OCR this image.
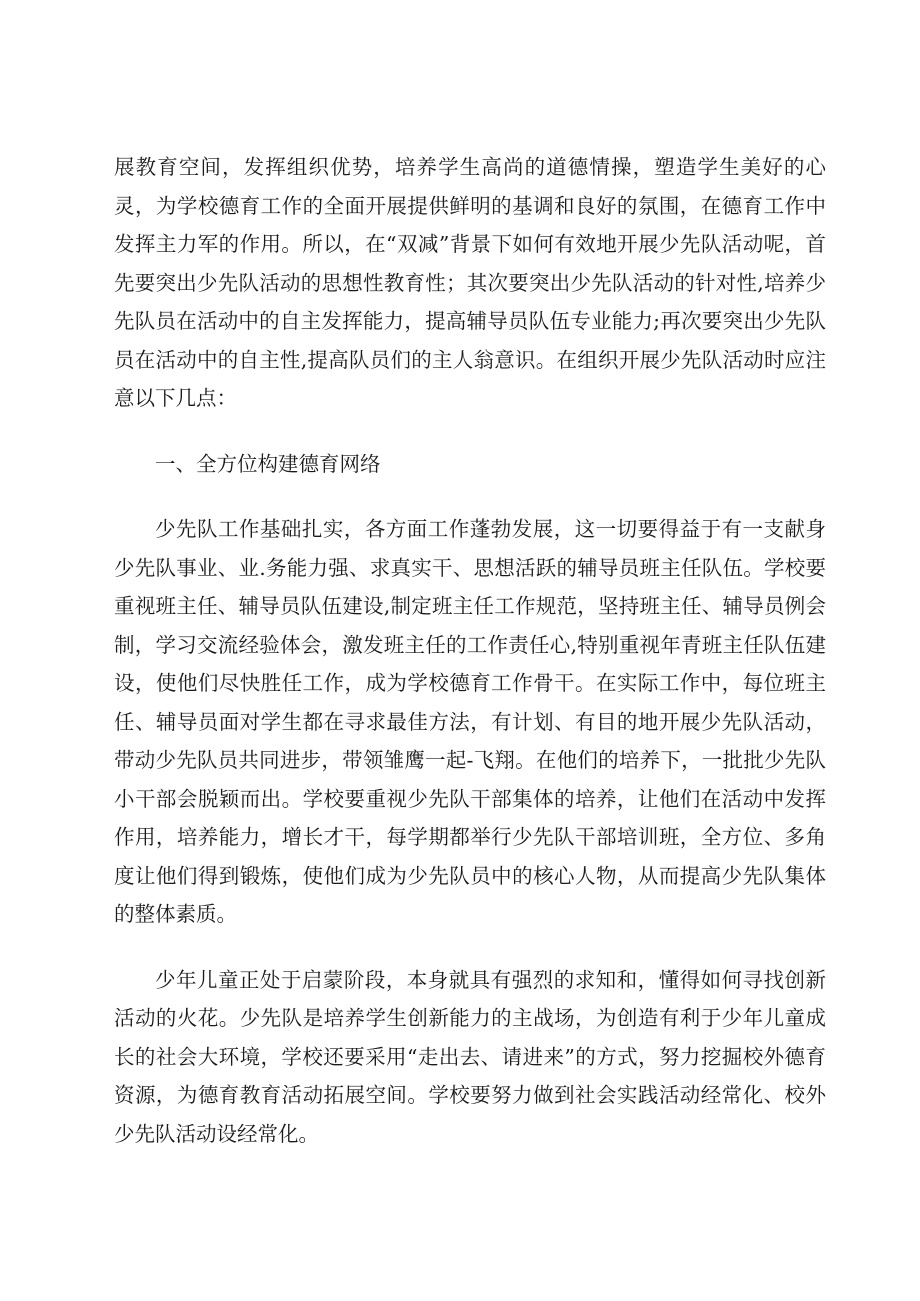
展教育空间，发挥组织优势，培养学生高尚的道德情操，塑造学生美好的心灵，为学校德育工作的全面开展提供鲜明的基调和良好的氛围，在德育工作中发挥主力军的作用。所以，在“双减”背景下如何有效地开展少先队活动呢，首先要突出少先队活动的思想性教育性；其次要突出少先队活动的针对性,培养少先队员在活动中的自主发挥能力，提高辅导员队伍专业能力;再次要突出少先队员在活动中的自主性,提高队员们的主人翁意识。在组织开展少先队活动时应注意以下几点：

一、全方位构建德育网络

少先队工作基础扎实，各方面工作蓬勃发展，这一切要得益于有一支献身少先队事业、业.务能力强、求真实干、思想活跃的辅导员班主任队伍。学校要重视班主任、辅导员队伍建设,制定班主任工作规范，坚持班主任、辅导员例会制，学习交流经验体会，激发班主任的工作责任心,特别重视年青班主任队伍建设，使他们尽快胜任工作，成为学校德育工作骨干。在实际工作中，每位班主任、辅导员面对学生都在寻求最佳方法，有计划、有目的地开展少先队活动，带动少先队员共同进步，带领雏鹰一起-飞翔。在他们的培养下，一批批少先队小干部会脱颖而出。学校要重视少先队干部集体的培养，让他们在活动中发挥作用，培养能力，增长才干，每学期都举行少先队干部培训班，全方位、多角度让他们得到锻炼，使他们成为少先队员中的核心人物，从而提高少先队集体的整体素质。

少年儿童正处于启蒙阶段，本身就具有强烈的求知和，懂得如何寻找创新活动的火花。少先队是培养学生创新能力的主战场，为创造有利于少年儿童成长的社会大环境，学校还要采用“走出去、请进来”的方式，努力挖掘校外德育资源，为德育教育活动拓展空间。学校要努力做到社会实践活动经常化、校外少先队活动设经常化。
